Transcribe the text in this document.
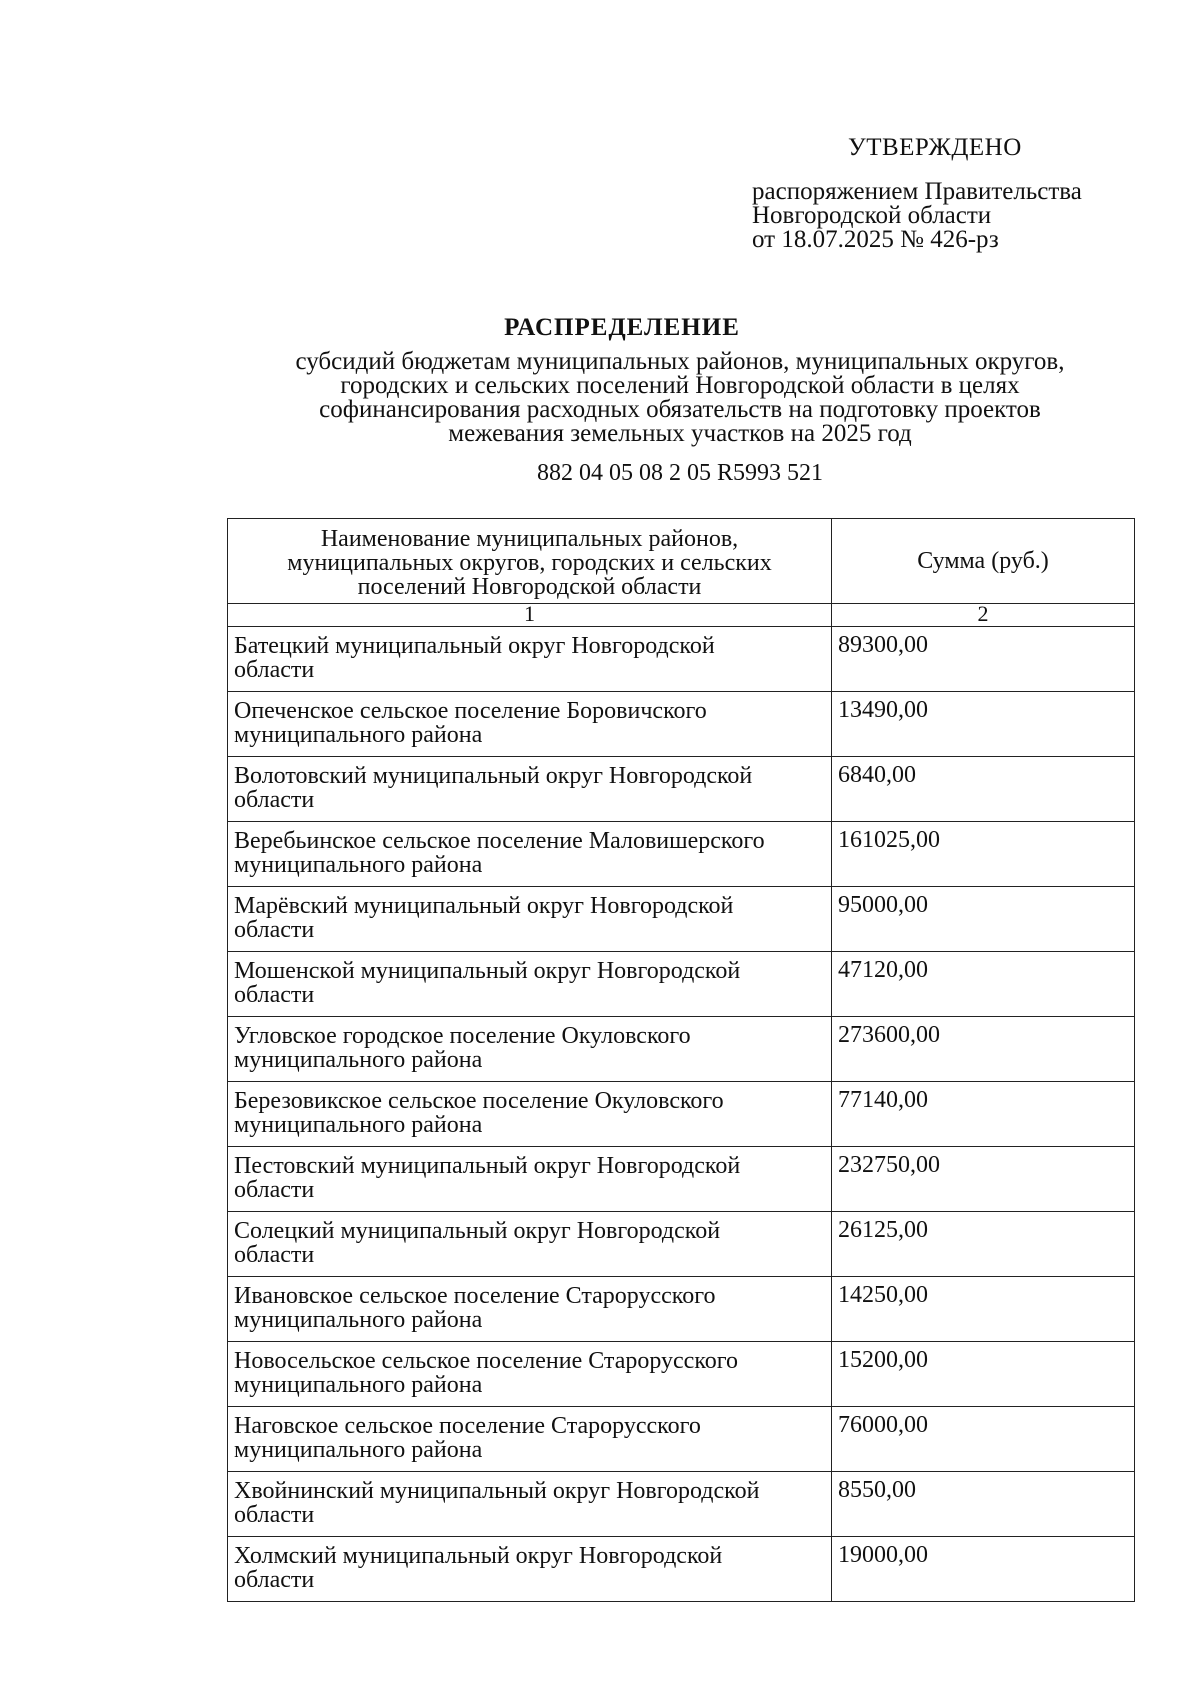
УТВЕРЖДЕНО
распоряжением Правительства
Новгородской области
от 18.07.2025 № 426-рз
РАСПРЕДЕЛЕНИЕ
субсидий бюджетам муниципальных районов, муниципальных округов,
городских и сельских поселений Новгородской области в целях
софинансирования расходных обязательств на подготовку проектов
межевания земельных участков на 2025 год
882 04 05 08 2 05 R5993 521
Наименование муниципальных районов,
муниципальных округов, городских и сельских
поселений Новгородской области	Сумма (руб.)
1	2

Батецкий муниципальный округ Новгородской
области	89300,00

Опеченское сельское поселение Боровичского
муниципального района	13490,00

Волотовский муниципальный округ Новгородской
области	6840,00

Веребьинское сельское поселение Маловишерского
муниципального района	161025,00

Марёвский муниципальный округ Новгородской
области	95000,00

Мошенской муниципальный округ Новгородской
области	47120,00

Угловское городское поселение Окуловского
муниципального района	273600,00

Березовикское сельское поселение Окуловского
муниципального района	77140,00

Пестовский муниципальный округ Новгородской
области	232750,00

Солецкий муниципальный округ Новгородской
области	26125,00

Ивановское сельское поселение Старорусского
муниципального района	14250,00

Новосельское сельское поселение Старорусского
муниципального района	15200,00

Наговское сельское поселение Старорусского
муниципального района	76000,00

Хвойнинский муниципальный округ Новгородской
области	8550,00

Холмский муниципальный округ Новгородской
области	19000,00
